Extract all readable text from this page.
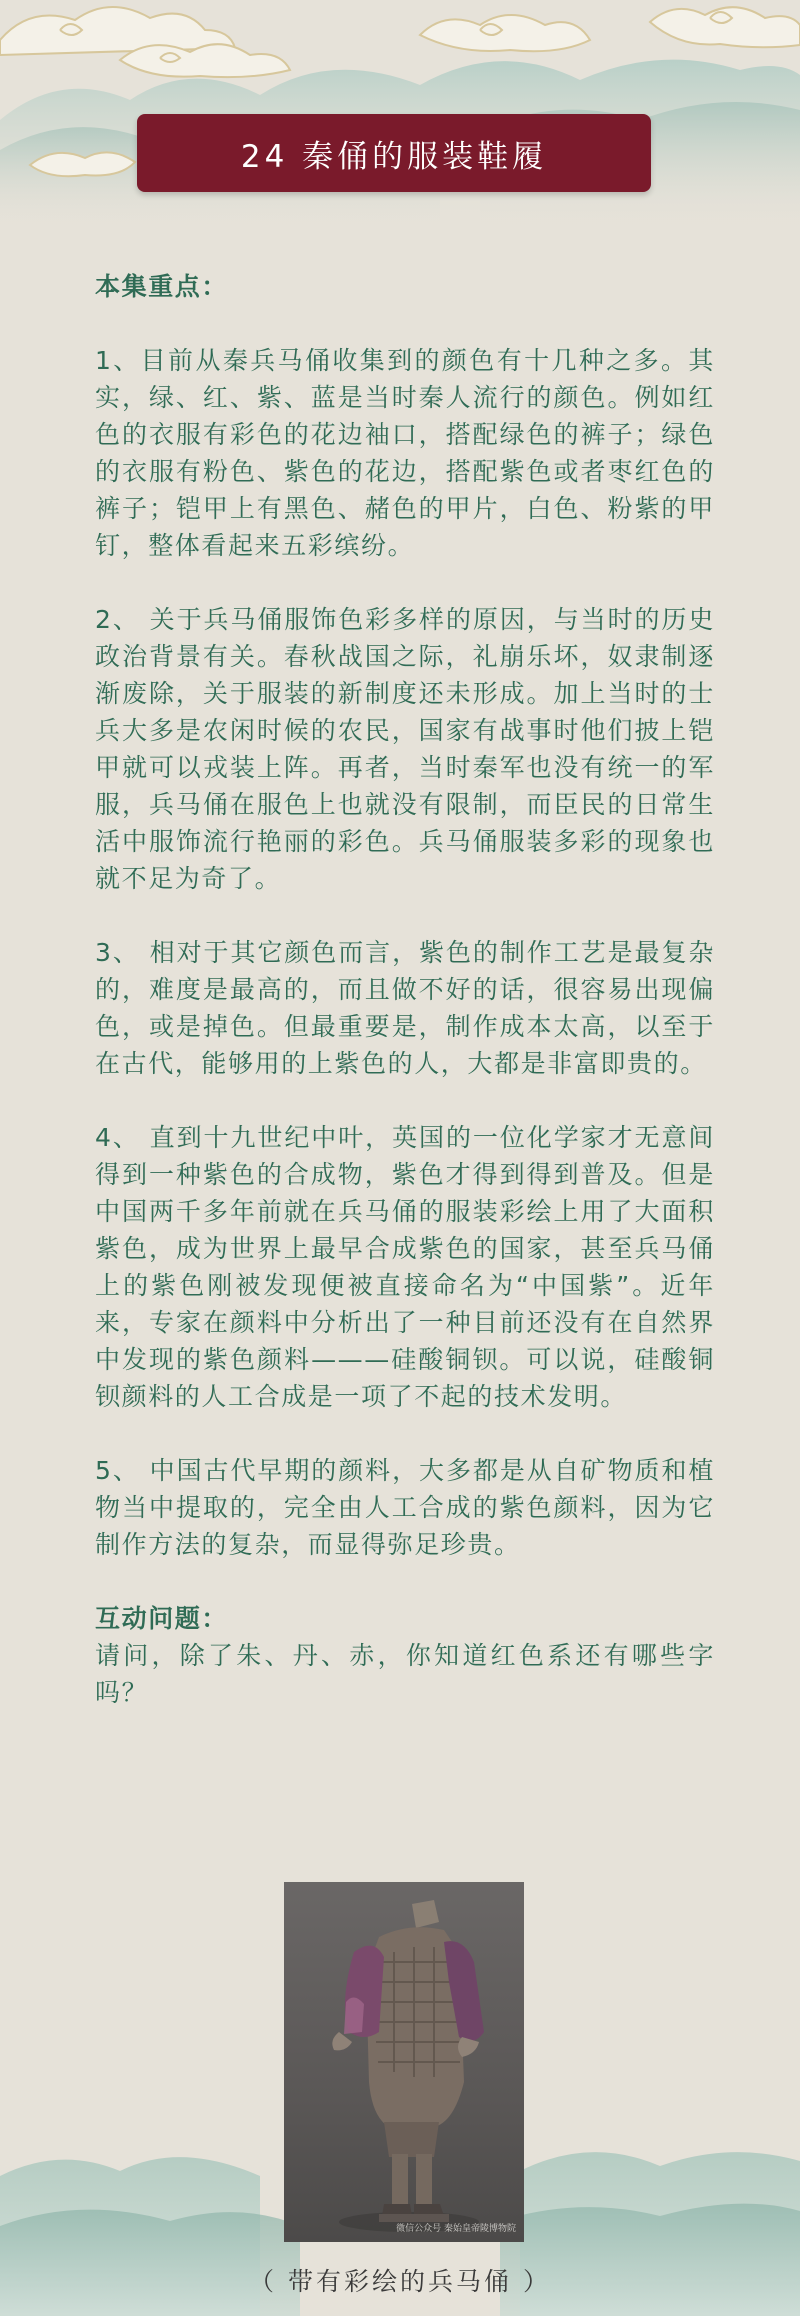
24 秦俑的服装鞋履

本集重点：

1、目前从秦兵马俑收集到的颜色有十几种之多。其实，绿、红、紫、蓝是当时秦人流行的颜色。例如红色的衣服有彩色的花边袖口，搭配绿色的裤子；绿色的衣服有粉色、紫色的花边，搭配紫色或者枣红色的裤子；铠甲上有黑色、赭色的甲片，白色、粉紫的甲钉，整体看起来五彩缤纷。

2、 关于兵马俑服饰色彩多样的原因，与当时的历史政治背景有关。春秋战国之际，礼崩乐坏，奴隶制逐渐废除，关于服装的新制度还未形成。加上当时的士兵大多是农闲时候的农民，国家有战事时他们披上铠甲就可以戎装上阵。再者，当时秦军也没有统一的军服，兵马俑在服色上也就没有限制，而臣民的日常生活中服饰流行艳丽的彩色。兵马俑服装多彩的现象也就不足为奇了。

3、 相对于其它颜色而言，紫色的制作工艺是最复杂的，难度是最高的，而且做不好的话，很容易出现偏色，或是掉色。但最重要是，制作成本太高，以至于在古代，能够用的上紫色的人，大都是非富即贵的。

4、 直到十九世纪中叶，英国的一位化学家才无意间得到一种紫色的合成物，紫色才得到得到普及。但是中国两千多年前就在兵马俑的服装彩绘上用了大面积紫色，成为世界上最早合成紫色的国家，甚至兵马俑上的紫色刚被发现便被直接命名为“中国紫”。近年来，专家在颜料中分析出了一种目前还没有在自然界中发现的紫色颜料———硅酸铜钡。可以说，硅酸铜钡颜料的人工合成是一项了不起的技术发明。

5、 中国古代早期的颜料，大多都是从自矿物质和植物当中提取的，完全由人工合成的紫色颜料，因为它制作方法的复杂，而显得弥足珍贵。

互动问题：

请问，除了朱、丹、赤，你知道红色系还有哪些字吗？

微信公众号 秦始皇帝陵博物院
（ 带有彩绘的兵马俑 ）
